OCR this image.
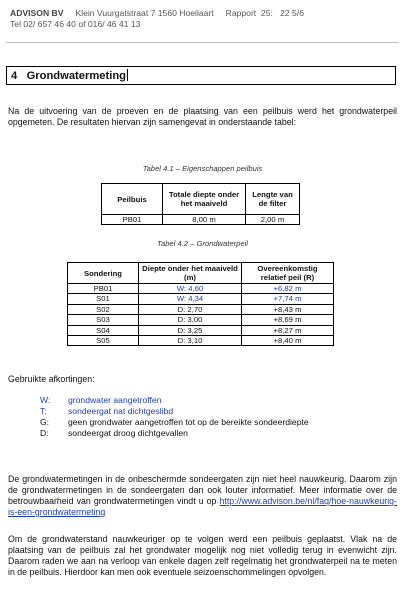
ADVISON BV Klein Vuurgatstraat 7 1560 Hoeilaart Rapport  25:   22 5/6
Tel 02/ 657 46 40 of 016/ 46 41 13
4 Grondwatermeting
Na de uitvoering van de proeven en de plaatsing van een peilbuis werd het grondwaterpeil opgemeten. De resultaten hiervan zijn samengevat in onderstaande tabel:
Tabel 4.1 – Eigenschappen peilbuis
Peilbuis	Totale diepte onder het maaiveld	Lengte van de filter
PB01	8,00 m	2,00 m
Tabel 4.2 – Grondwaterpeil
Sondering	Diepte onder het maaiveld (m)	Overeenkomstig relatief peil (R)
PB01	W: 4,60	+6,82 m
S01	W: 4,34	+7,74 m
S02	D: 2,70	+8,43 m
S03	D: 3,00	+8,69 m
S04	D: 3,25	+8,27 m
S05	D: 3,10	+8,40 m
Gebruikte afkortingen:
W:	grondwater aangetroffen
T:	sondeergat nat dichtgeslibd
G:	geen grondwater aangetroffen tot op de bereikte sondeerdiepte
D:	sondeergat droog dichtgevallen
De grondwatermetingen in de onbeschermde sondeergaten zijn niet heel nauwkeurig. Daarom zijn de grondwatermetingen in de sondeergaten dan ook louter informatief. Meer informatie over de betrouwbaarheid van grondwatermetingen vindt u op http://www.advison.be/nl/faq/hoe-nauwkeurig-is-een-grondwatermeting
Om de grondwaterstand nauwkeuriger op te volgen werd een peilbuis geplaatst. Vlak na de plaatsing van de peilbuis zal het grondwater mogelijk nog niet volledig terug in evenwicht zijn. Daarom raden we aan na verloop van enkele dagen zelf regelmatig het grondwaterpeil na te meten in de peilbuis. Hierdoor kan men ook eventuele seizoenschommelingen opvolgen.
